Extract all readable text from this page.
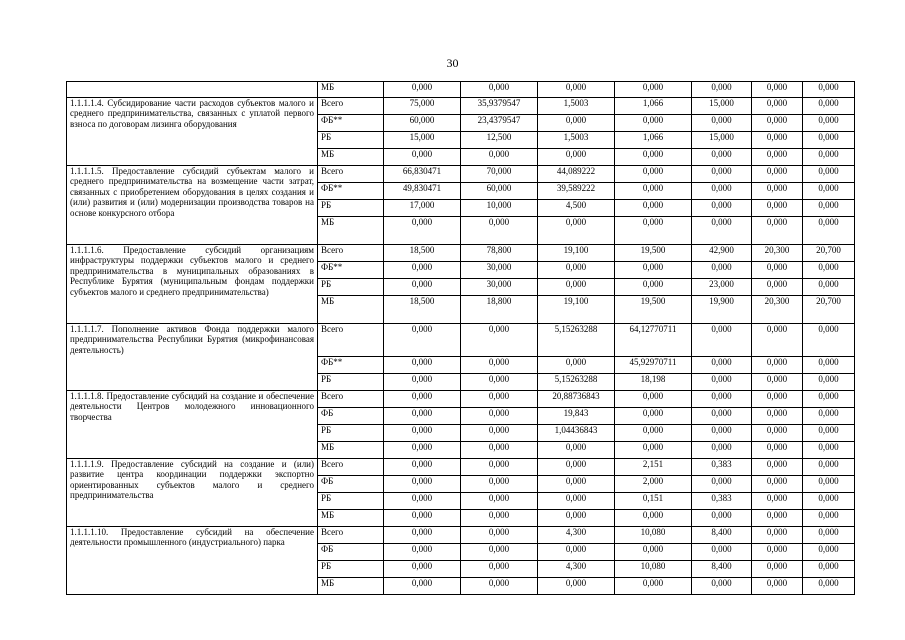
30
	МБ	0,000	0,000	0,000	0,000	0,000	0,000	0,000
1.1.1.1.4. Субсидирование части расходов субъектов малого и среднего предпринимательства, связанных с уплатой первого взноса по договорам лизинга оборудования	Всего	75,000	35,9379547	1,5003	1,066	15,000	0,000	0,000
	ФБ**	60,000	23,4379547	0,000	0,000	0,000	0,000	0,000
	РБ	15,000	12,500	1,5003	1,066	15,000	0,000	0,000
	МБ	0,000	0,000	0,000	0,000	0,000	0,000	0,000
1.1.1.1.5. Предоставление субсидий субъектам малого и среднего предпринимательства на возмещение части затрат, связанных с приобретением оборудования в целях создания и (или) развития и (или) модернизации производства товаров на основе конкурсного отбора	Всего	66,830471	70,000	44,089222	0,000	0,000	0,000	0,000
	ФБ**	49,830471	60,000	39,589222	0,000	0,000	0,000	0,000
	РБ	17,000	10,000	4,500	0,000	0,000	0,000	0,000
	МБ	0,000	0,000	0,000	0,000	0,000	0,000	0,000
1.1.1.1.6. Предоставление субсидий организациям инфраструктуры поддержки субъектов малого и среднего предпринимательства в муниципальных образованиях в Республике Бурятия (муниципальным фондам поддержки субъектов малого и среднего предпринимательства)	Всего	18,500	78,800	19,100	19,500	42,900	20,300	20,700
	ФБ**	0,000	30,000	0,000	0,000	0,000	0,000	0,000
	РБ	0,000	30,000	0,000	0,000	23,000	0,000	0,000
	МБ	18,500	18,800	19,100	19,500	19,900	20,300	20,700
1.1.1.1.7. Пополнение активов Фонда поддержки малого предпринимательства Республики Бурятия (микрофинансовая деятельность)	Всего	0,000	0,000	5,15263288	64,12770711	0,000	0,000	0,000
	ФБ**	0,000	0,000	0,000	45,92970711	0,000	0,000	0,000
	РБ	0,000	0,000	5,15263288	18,198	0,000	0,000	0,000
1.1.1.1.8. Предоставление субсидий на создание и обеспечение деятельности Центров молодежного инновационного творчества	Всего	0,000	0,000	20,88736843	0,000	0,000	0,000	0,000
	ФБ	0,000	0,000	19,843	0,000	0,000	0,000	0,000
	РБ	0,000	0,000	1,04436843	0,000	0,000	0,000	0,000
	МБ	0,000	0,000	0,000	0,000	0,000	0,000	0,000
1.1.1.1.9. Предоставление субсидий на создание и (или) развитие центра координации поддержки экспортно ориентированных субъектов малого и среднего предпринимательства	Всего	0,000	0,000	0,000	2,151	0,383	0,000	0,000
	ФБ	0,000	0,000	0,000	2,000	0,000	0,000	0,000
	РБ	0,000	0,000	0,000	0,151	0,383	0,000	0,000
	МБ	0,000	0,000	0,000	0,000	0,000	0,000	0,000
1.1.1.1.10. Предоставление субсидий на обеспечение деятельности промышленного (индустриального) парка	Всего	0,000	0,000	4,300	10,080	8,400	0,000	0,000
	ФБ	0,000	0,000	0,000	0,000	0,000	0,000	0,000
	РБ	0,000	0,000	4,300	10,080	8,400	0,000	0,000
	МБ	0,000	0,000	0,000	0,000	0,000	0,000	0,000
